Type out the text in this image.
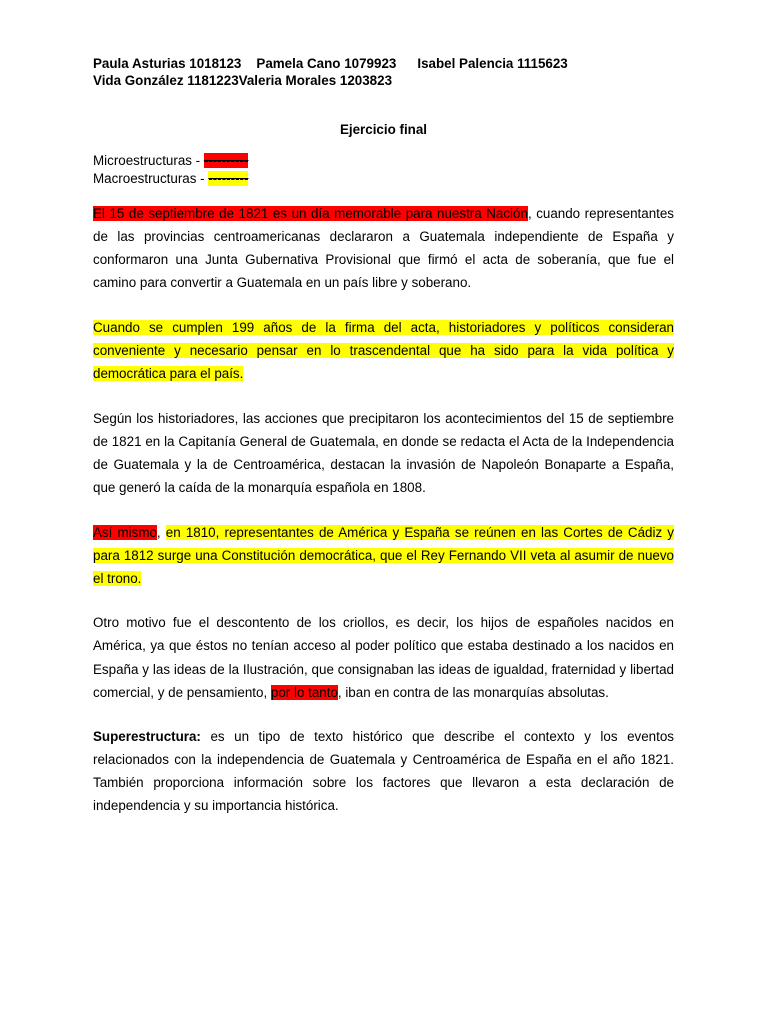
Paula Asturias 1018123 Pamela Cano 1079923 Isabel Palencia 1115623
Vida González 1181223 Valeria Morales 1203823
Ejercicio final
Microestructuras - ----------
Macroestructuras - ---------

El 15 de septiembre de 1821 es un día memorable para nuestra Nación, cuando representantes de las provincias centroamericanas declararon a Guatemala independiente de España y conformaron una Junta Gubernativa Provisional que firmó el acta de soberanía, que fue el camino para convertir a Guatemala en un país libre y soberano.

Cuando se cumplen 199 años de la firma del acta, historiadores y políticos consideran conveniente y necesario pensar en lo trascendental que ha sido para la vida política y democrática para el país.

Según los historiadores, las acciones que precipitaron los acontecimientos del 15 de septiembre de 1821 en la Capitanía General de Guatemala, en donde se redacta el Acta de la Independencia de Guatemala y la de Centroamérica, destacan la invasión de Napoleón Bonaparte a España, que generó la caída de la monarquía española en 1808.

Así mismo, en 1810, representantes de América y España se reúnen en las Cortes de Cádiz y para 1812 surge una Constitución democrática, que el Rey Fernando VII veta al asumir de nuevo el trono.

Otro motivo fue el descontento de los criollos, es decir, los hijos de españoles nacidos en América, ya que éstos no tenían acceso al poder político que estaba destinado a los nacidos en España y las ideas de la Ilustración, que consignaban las ideas de igualdad, fraternidad y libertad comercial, y de pensamiento, por lo tanto, iban en contra de las monarquías absolutas.

Superestructura: es un tipo de texto histórico que describe el contexto y los eventos relacionados con la independencia de Guatemala y Centroamérica de España en el año 1821. También proporciona información sobre los factores que llevaron a esta declaración de independencia y su importancia histórica.
